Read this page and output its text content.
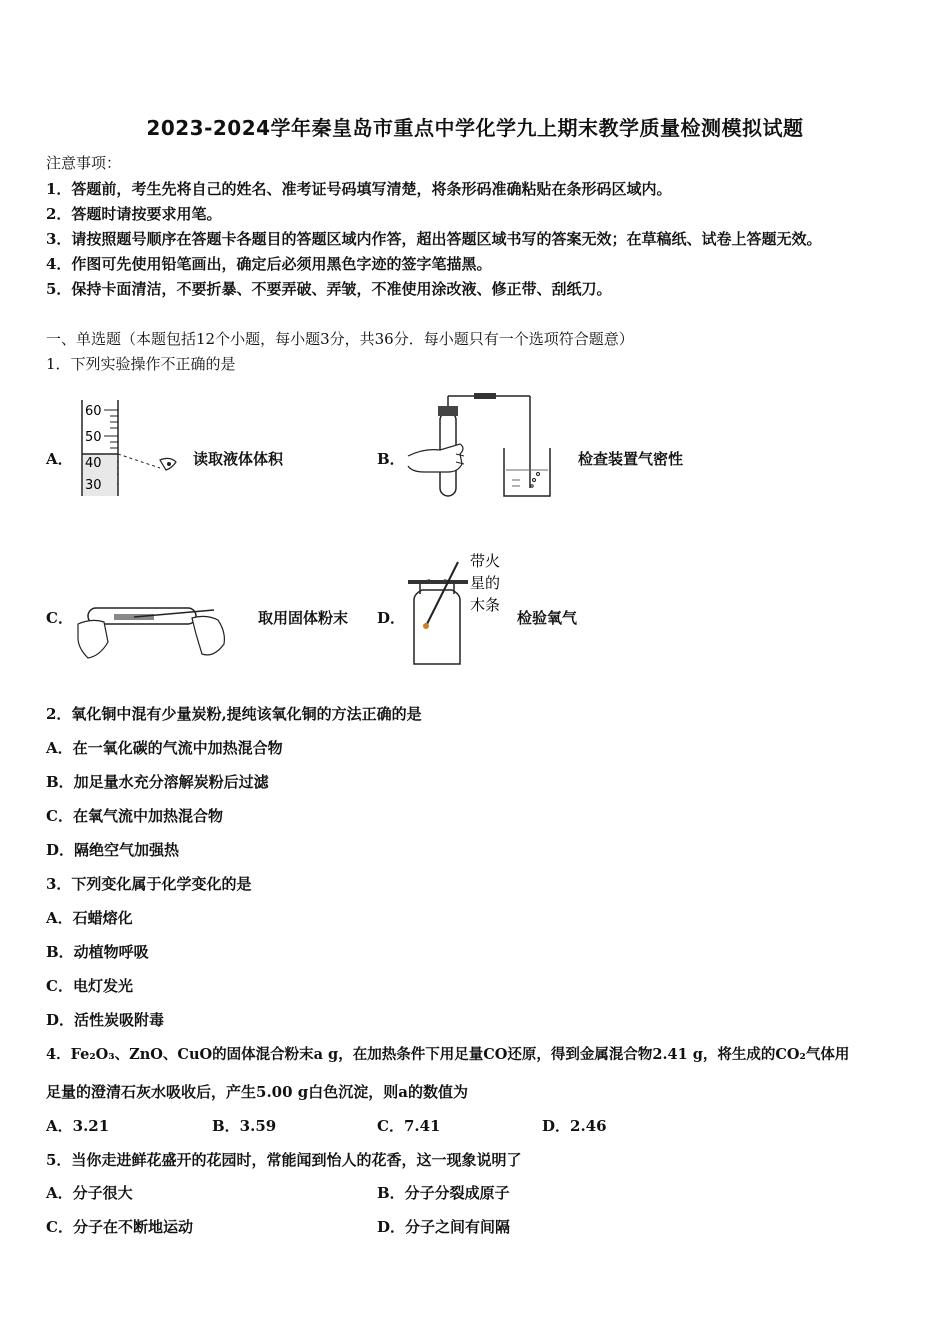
2023-2024学年秦皇岛市重点中学化学九上期末教学质量检测模拟试题
注意事项：
1．答题前，考生先将自己的姓名、准考证号码填写清楚，将条形码准确粘贴在条形码区域内。
2．答题时请按要求用笔。
3．请按照题号顺序在答题卡各题目的答题区域内作答，超出答题区域书写的答案无效；在草稿纸、试卷上答题无效。
4．作图可先使用铅笔画出，确定后必须用黑色字迹的签字笔描黑。
5．保持卡面清洁，不要折暴、不要弄破、弄皱，不准使用涂改液、修正带、刮纸刀。
一、单选题（本题包括12个小题，每小题3分，共36分．每小题只有一个选项符合题意）
1．下列实验操作不正确的是
A．
60
50
40
30
读取液体体积	B．	检查装置气密性
C．	取用固体粉末 D．
带火
星的
木条
检验氧气
2．氧化铜中混有少量炭粉,提纯该氧化铜的方法正确的是
A．在一氧化碳的气流中加热混合物
B．加足量水充分溶解炭粉后过滤
C．在氧气流中加热混合物
D．隔绝空气加强热
3．下列变化属于化学变化的是
A．石蜡熔化
B．动植物呼吸
C．电灯发光
D．活性炭吸附毒
4．Fe₂O₃、ZnO、CuO的固体混合粉末a g，在加热条件下用足量CO还原，得到金属混合物2.41 g，将生成的CO₂气体用
足量的澄清石灰水吸收后，产生5.00 g白色沉淀，则a的数值为
A．3.21	B．3.59	C．7.41	D．2.46
5．当你走进鲜花盛开的花园时，常能闻到怡人的花香，这一现象说明了
A．分子很大	B．分子分裂成原子
C．分子在不断地运动	D．分子之间有间隔
